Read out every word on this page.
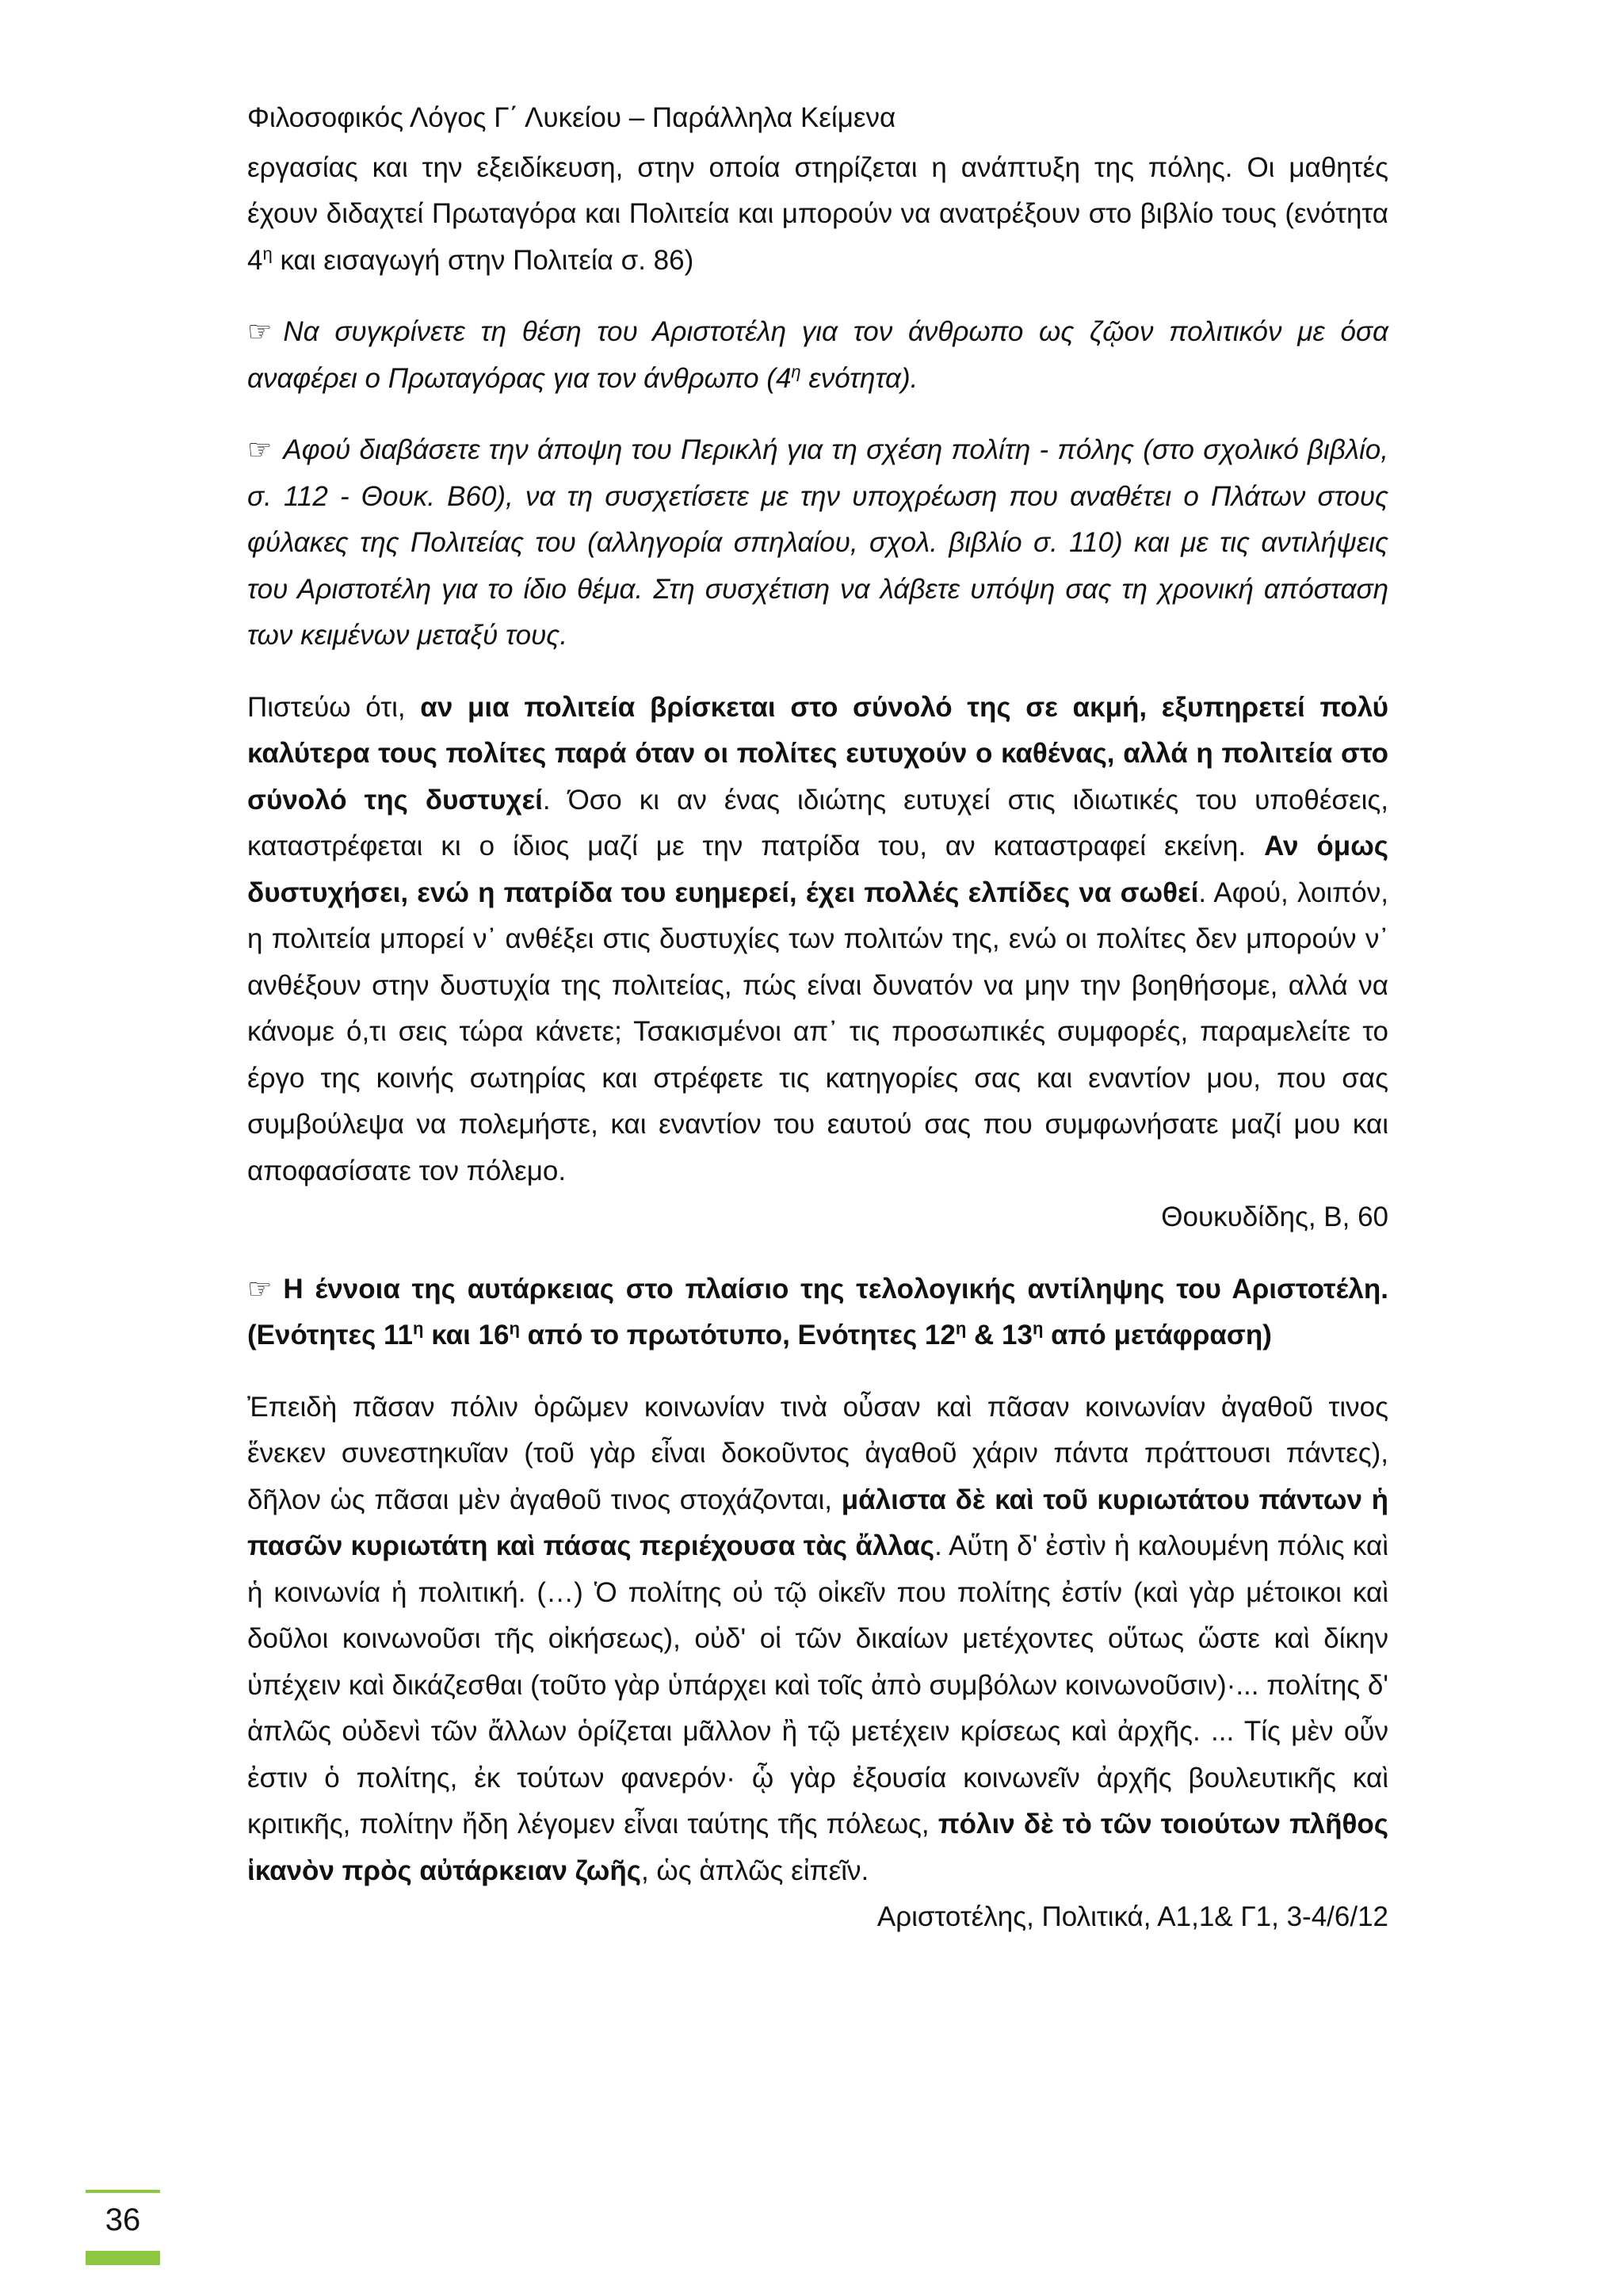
Φιλοσοφικός Λόγος Γ΄ Λυκείου – Παράλληλα Κείμενα

εργασίας και την εξειδίκευση, στην οποία στηρίζεται η ανάπτυξη της πόλης. Οι μαθητές έχουν διδαχτεί Πρωταγόρα και Πολιτεία και μπορούν να ανατρέξουν στο βιβλίο τους (ενότητα $4^\eta$ και εισαγωγή στην Πολιτεία σ. 86)

☞ Να συγκρίνετε τη θέση του Αριστοτέλη για τον άνθρωπο ως ζῷον πολιτικόν με όσα αναφέρει ο Πρωταγόρας για τον άνθρωπο ($4^\eta$ ενότητα).

☞ Αφού διαβάσετε την άποψη του Περικλή για τη σχέση πολίτη - πόλης (στο σχολικό βιβλίο, σ. 112 - Θουκ. Β60), να τη συσχετίσετε με την υποχρέωση που αναθέτει ο Πλάτων στους φύλακες της Πολιτείας του (αλληγορία σπηλαίου, σχολ. βιβλίο σ. 110) και με τις αντιλήψεις του Αριστοτέλη για το ίδιο θέμα. Στη συσχέτιση να λάβετε υπόψη σας τη χρονική απόσταση των κειμένων μεταξύ τους.

Πιστεύω ότι, αν μια πολιτεία βρίσκεται στο σύνολό της σε ακμή, εξυπηρετεί πολύ καλύτερα τους πολίτες παρά όταν οι πολίτες ευτυχούν ο καθένας, αλλά η πολιτεία στο σύνολό της δυστυχεί. Όσο κι αν ένας ιδιώτης ευτυχεί στις ιδιωτικές του υποθέσεις, καταστρέφεται κι ο ίδιος μαζί με την πατρίδα του, αν καταστραφεί εκείνη. Αν όμως δυστυχήσει, ενώ η πατρίδα του ευημερεί, έχει πολλές ελπίδες να σωθεί. Αφού, λοιπόν, η πολιτεία μπορεί ν᾽ ανθέξει στις δυστυχίες των πολιτών της, ενώ οι πολίτες δεν μπορούν ν᾽ ανθέξουν στην δυστυχία της πολιτείας, πώς είναι δυνατόν να μην την βοηθήσομε, αλλά να κάνομε ό,τι σεις τώρα κάνετε; Τσακισμένοι απ᾽ τις προσωπικές συμφορές, παραμελείτε το έργο της κοινής σωτηρίας και στρέφετε τις κατηγορίες σας και εναντίον μου, που σας συμβούλεψα να πολεμήστε, και εναντίον του εαυτού σας που συμφωνήσατε μαζί μου και αποφασίσατε τον πόλεμο.

Θουκυδίδης, Β, 60

☞ Η έννοια της αυτάρκειας στο πλαίσιο της τελολογικής αντίληψης του Αριστοτέλη. (Ενότητες $11^\eta$ και $16^\eta$ από το πρωτότυπο, Ενότητες $12^\eta$ & $13^\eta$ από μετάφραση)

Ἐπειδὴ πᾶσαν πόλιν ὁρῶμεν κοινωνίαν τινὰ οὖσαν καὶ πᾶσαν κοινωνίαν ἀγαθοῦ τινος ἕνεκεν συνεστηκυῖαν (τοῦ γὰρ εἶναι δοκοῦντος ἀγαθοῦ χάριν πάντα πράττουσι πάντες), δῆλον ὡς πᾶσαι μὲν ἀγαθοῦ τινος στοχάζονται, μάλιστα δὲ καὶ τοῦ κυριωτάτου πάντων ἡ πασῶν κυριωτάτη καὶ πάσας περιέχουσα τὰς ἄλλας. Αὕτη δ' ἐστὶν ἡ καλουμένη πόλις καὶ ἡ κοινωνία ἡ πολιτική. (…) Ὁ πολίτης οὐ τῷ οἰκεῖν που πολίτης ἐστίν (καὶ γὰρ μέτοικοι καὶ δοῦλοι κοινωνοῦσι τῆς οἰκήσεως), οὐδ' οἱ τῶν δικαίων μετέχοντες οὕτως ὥστε καὶ δίκην ὑπέχειν καὶ δικάζεσθαι (τοῦτο γὰρ ὑπάρχει καὶ τοῖς ἀπὸ συμβόλων κοινωνοῦσιν)·... πολίτης δ' ἁπλῶς οὐδενὶ τῶν ἄλλων ὁρίζεται μᾶλλον ἢ τῷ μετέχειν κρίσεως καὶ ἀρχῆς. ... Τίς μὲν οὖν ἐστιν ὁ πολίτης, ἐκ τούτων φανερόν· ᾧ γὰρ ἐξουσία κοινωνεῖν ἀρχῆς βουλευτικῆς καὶ κριτικῆς, πολίτην ἤδη λέγομεν εἶναι ταύτης τῆς πόλεως, πόλιν δὲ τὸ τῶν τοιούτων πλῆθος ἱκανὸν πρὸς αὐτάρκειαν ζωῆς, ὡς ἁπλῶς εἰπεῖν.

Αριστοτέλης, Πολιτικά, Α1,1& Γ1, 3-4/6/12
36
